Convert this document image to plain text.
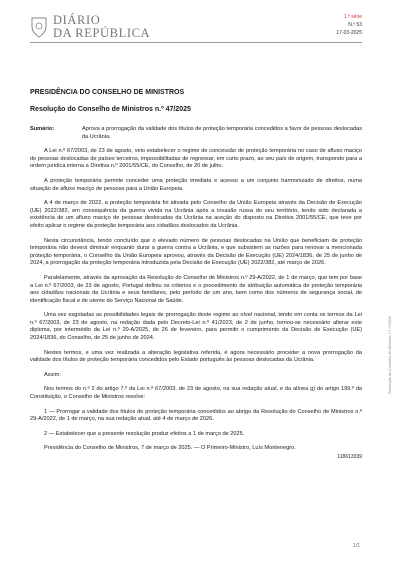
DIÁRIO
DA REPÚBLICA
1.ª série
N.º 53
17-03-2025
PRESIDÊNCIA DO CONSELHO DE MINISTROS
Resolução do Conselho de Ministros n.º 47/2025

Sumário:	Aprova a prorrogação da validade dos títulos de proteção temporária concedidos a favor de pessoas deslocadas da Ucrânia.

A Lei n.º 67/2003, de 23 de agosto, veio estabelecer o regime de concessão de proteção temporária no caso de afluxo maciço de pessoas deslocadas de países terceiros, impossibilitadas de regressar, em curto prazo, ao seu país de origem, transpondo para a ordem jurídica interna a Diretiva n.º 2001/55/CE, do Conselho, de 20 de julho.

A proteção temporária permite conceder uma proteção imediata e acesso a um conjunto harmonizado de direitos, numa situação de afluxo maciço de pessoas para a União Europeia.

A 4 de março de 2022, a proteção temporária foi ativada pelo Conselho da União Europeia através da Decisão de Execução (UE) 2022/382, em consequência da guerra vivida na Ucrânia após a invasão russa do seu território, tendo sido declarada a existência de um afluxo maciço de pessoas deslocadas da Ucrânia na aceção do disposto na Diretiva 2001/55/CE, que teve por efeito aplicar o regime da proteção temporária aos cidadãos deslocados da Ucrânia.

Nesta circunstância, tendo concluído que o elevado número de pessoas deslocadas na União que beneficiam de proteção temporária não deverá diminuir enquanto durar a guerra contra a Ucrânia, e que subsistem as razões para renovar a mencionada proteção temporária, o Conselho da União Europeia aprovou, através da Decisão de Execução (UE) 2024/1836, de 25 de junho de 2024, a prorrogação da proteção temporária introduzida pela Decisão de Execução (UE) 2022/382, até março de 2026.

Paralelamente, através da aprovação da Resolução do Conselho de Ministros n.º 29-A/2022, de 1 de março, que tem por base a Lei n.º 67/2003, de 23 de agosto, Portugal definiu os critérios e o procedimento de atribuição automática de proteção temporária aos cidadãos nacionais da Ucrânia e seus familiares, pelo período de um ano, bem como dos números de segurança social, de identificação fiscal e de utente do Serviço Nacional de Saúde.

Uma vez esgotadas as possibilidades legais de prorrogação deste regime ao nível nacional, tendo em conta os termos da Lei n.º 67/2003, de 23 de agosto, na redação dada pelo Decreto-Lei n.º 41/2023, de 2 de junho, tornou-se necessário alterar este diploma, por intermédio da Lei n.º 20-A/2025, de 26 de fevereiro, para permitir o cumprimento da Decisão de Execução (UE) 2024/1836, do Conselho, de 25 de junho de 2024.

Nestes termos, e uma vez realizada a alteração legislativa referida, é agora necessário proceder a nova prorrogação da validade dos títulos de proteção temporária concedidos pelo Estado português às pessoas deslocadas da Ucrânia.

Assim:

Nos termos do n.º 2 do artigo 7.º da Lei n.º 67/2003, de 23 de agosto, na sua redação atual, e da alínea g) do artigo 199.º da Constituição, o Conselho de Ministros resolve:

1 — Prorrogar a validade dos títulos de proteção temporária concedidos ao abrigo da Resolução do Conselho de Ministros n.º 29-A/2022, de 1 de março, na sua redação atual, até 4 de março de 2026.

2 — Estabelecer que a presente resolução produz efeitos a 1 de março de 2025.

Presidência do Conselho de Ministros, 7 de março de 2025. — O Primeiro-Ministro, Luís Montenegro.

118613339
Resolução do Conselho de Ministros n.º 47/2025
1/1
